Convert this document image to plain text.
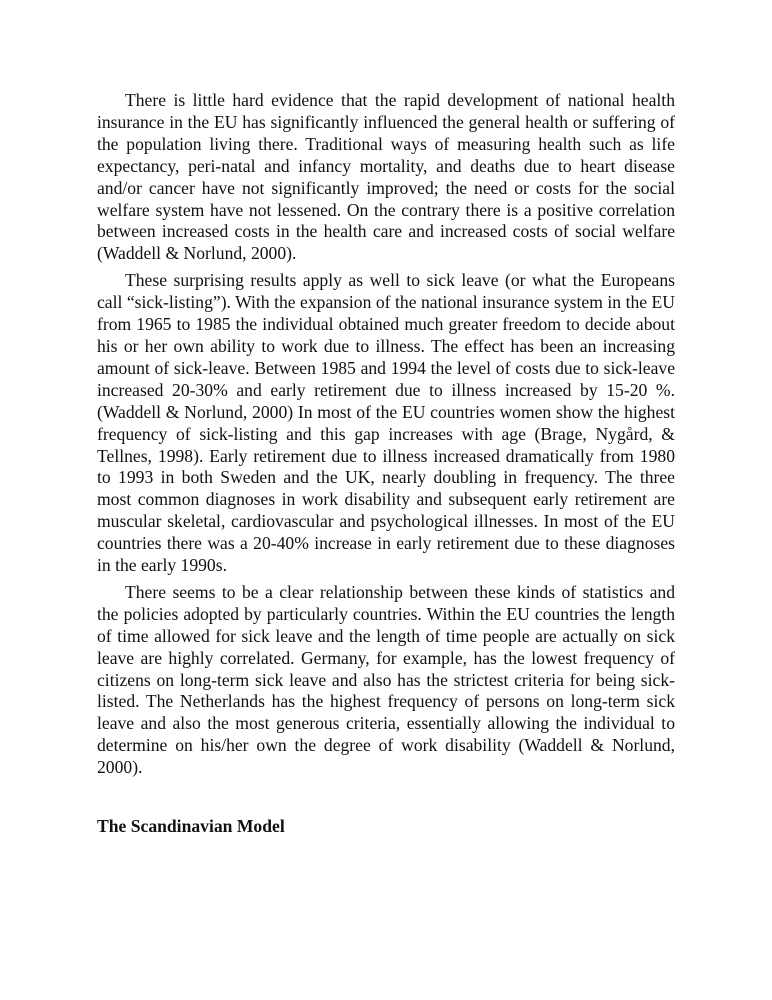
There is little hard evidence that the rapid development of national health insurance in the EU has significantly influenced the general health or suffering of the population living there. Traditional ways of measuring health such as life expectancy, peri-natal and infancy mortality, and deaths due to heart disease and/or cancer have not significantly improved; the need or costs for the social welfare system have not lessened. On the contrary there is a positive correlation between increased costs in the health care and increased costs of social welfare (Waddell & Norlund, 2000).

These surprising results apply as well to sick leave (or what the Europeans call “sick-listing”). With the expansion of the national insurance system in the EU from 1965 to 1985 the individual obtained much greater freedom to decide about his or her own ability to work due to illness. The effect has been an increasing amount of sick-leave. Between 1985 and 1994 the level of costs due to sick-leave increased 20-30% and early retirement due to illness increased by 15-20 %. (Waddell & Norlund, 2000) In most of the EU countries women show the highest frequency of sick-listing and this gap increases with age (Brage, Nygård, & Tellnes, 1998). Early retirement due to illness increased dramatically from 1980 to 1993 in both Sweden and the UK, nearly doubling in frequency. The three most common diagnoses in work disability and subsequent early retirement are muscular skeletal, cardiovascular and psychological illnesses. In most of the EU countries there was a 20-40% increase in early retirement due to these diagnoses in the early 1990s.

There seems to be a clear relationship between these kinds of statistics and the policies adopted by particularly countries. Within the EU countries the length of time allowed for sick leave and the length of time people are actually on sick leave are highly correlated. Germany, for example, has the lowest frequency of citizens on long-term sick leave and also has the strictest criteria for being sick-listed. The Netherlands has the highest frequency of persons on long-term sick leave and also the most generous criteria, essentially allowing the individual to determine on his/her own the degree of work disability (Waddell & Norlund, 2000).

The Scandinavian Model
